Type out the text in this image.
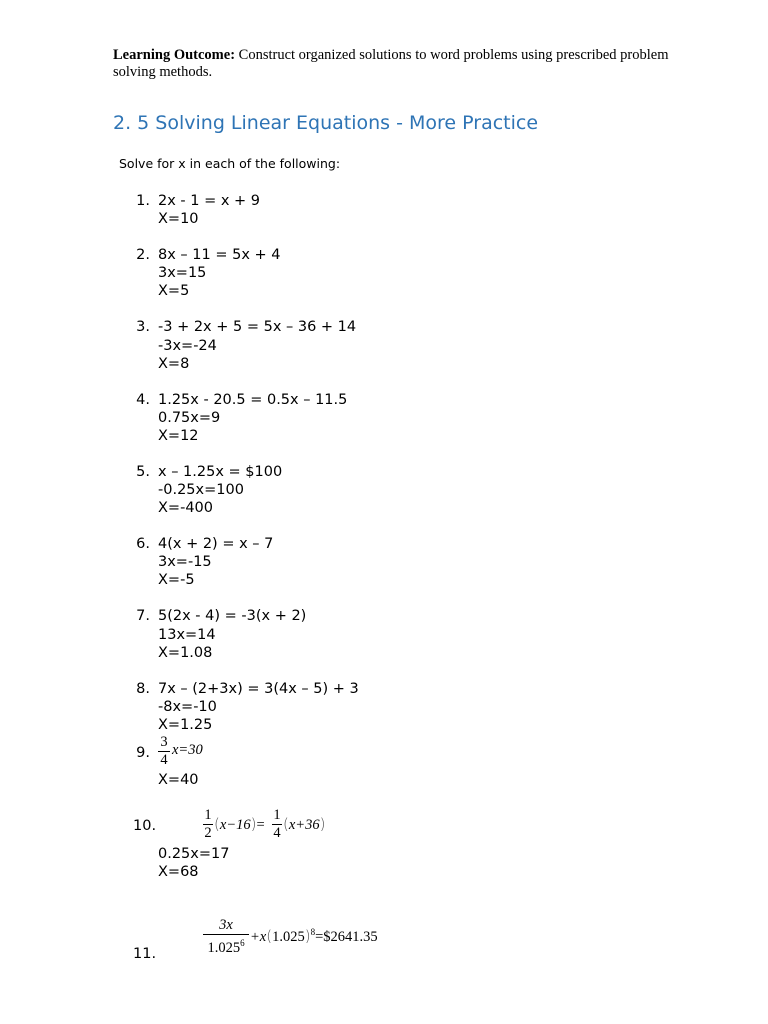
Learning Outcome: Construct organized solutions to word problems using prescribed problem solving methods.
2. 5 Solving Linear Equations - More Practice
Solve for x in each of the following:
1. 2x - 1 = x + 9
X=10
2. 8x – 11 = 5x + 4
3x=15
X=5
3. -3 + 2x + 5 = 5x – 36 + 14
-3x=-24
X=8
4. 1.25x - 20.5 = 0.5x – 11.5
0.75x=9
X=12
5. x – 1.25x = $100
-0.25x=100
X=-400
6. 4(x + 2) = x – 7
3x=-15
X=-5
7. 5(2x - 4) = -3(x + 2)
13x=14
X=1.08
8. 7x – (2+3x) = 3(4x – 5) + 3
-8x=-10
X=1.25
9.
3
4
x=30
X=40
10.
1
2 (x−16)=
1
4 (x+36)
0.25x=17
X=68
11.
3x
$1.025^6$ $+x(1.025)^8=\$2641.35$
